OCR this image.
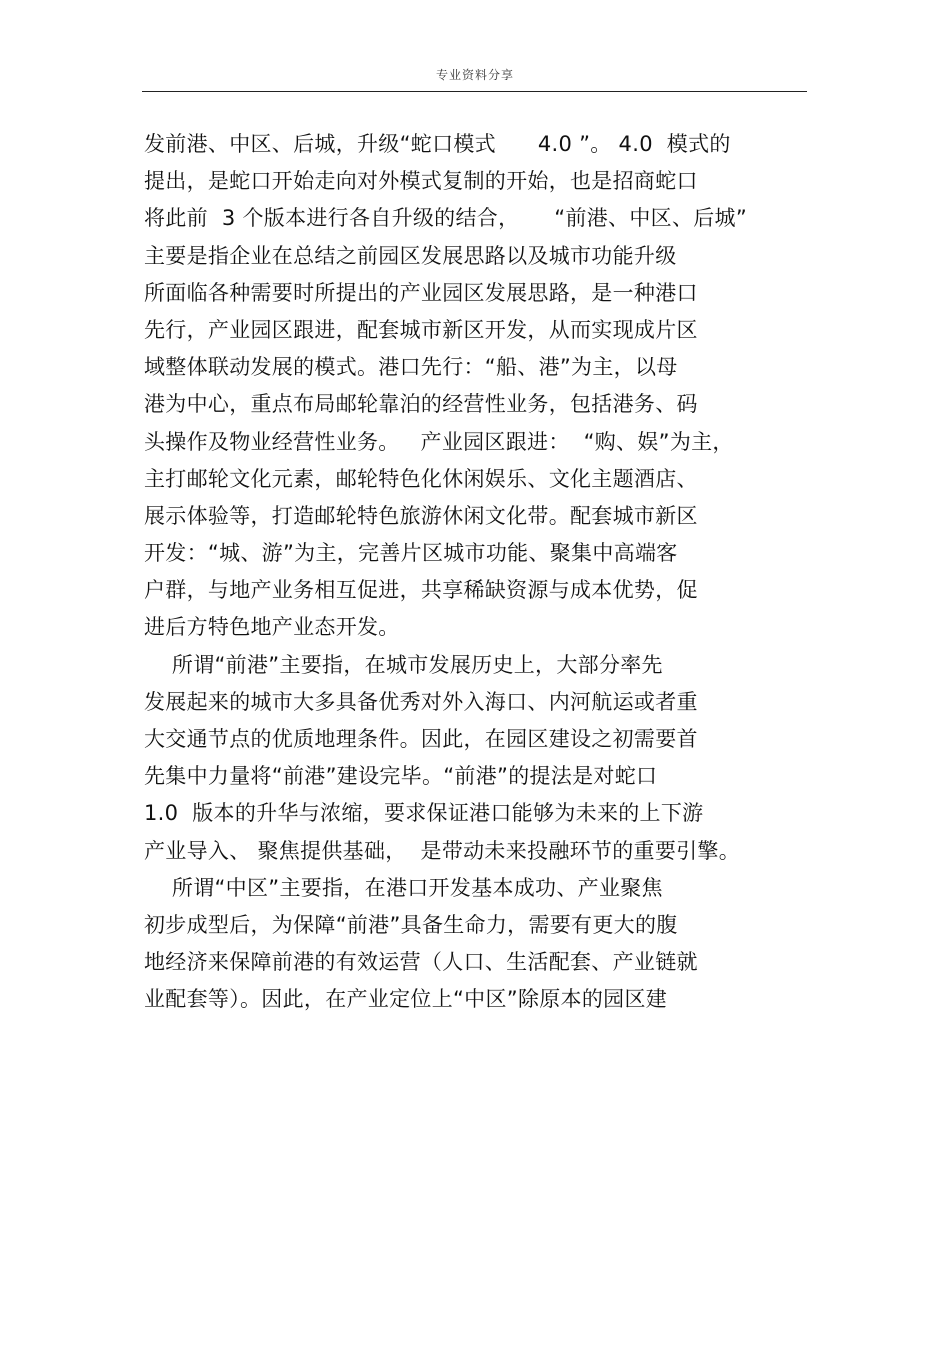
专业资料分享
发前港、中区、后城，升级“蛇口模式      4.0 ”。 4.0  模式的
提出，是蛇口开始走向对外模式复制的开始，也是招商蛇口
将此前  3 个版本进行各自升级的结合，     “前港、中区、后城”
主要是指企业在总结之前园区发展思路以及城市功能升级
所面临各种需要时所提出的产业园区发展思路，是一种港口
先行，产业园区跟进，配套城市新区开发，从而实现成片区
域整体联动发展的模式。港口先行：“船、港”为主，以母
港为中心，重点布局邮轮靠泊的经营性业务，包括港务、码
头操作及物业经营性业务。   产业园区跟进：  “购、娱”为主，
主打邮轮文化元素，邮轮特色化休闲娱乐、文化主题酒店、
展示体验等，打造邮轮特色旅游休闲文化带。配套城市新区
开发：“城、游”为主，完善片区城市功能、聚集中高端客
户群，与地产业务相互促进，共享稀缺资源与成本优势，促
进后方特色地产业态开发。
所谓“前港”主要指，在城市发展历史上，大部分率先
发展起来的城市大多具备优秀对外入海口、内河航运或者重
大交通节点的优质地理条件。因此，在园区建设之初需要首
先集中力量将“前港”建设完毕。“前港”的提法是对蛇口
1.0  版本的升华与浓缩，要求保证港口能够为未来的上下游
产业导入、 聚焦提供基础，  是带动未来投融环节的重要引擎。
所谓“中区”主要指，在港口开发基本成功、产业聚焦
初步成型后，为保障“前港”具备生命力，需要有更大的腹
地经济来保障前港的有效运营（人口、生活配套、产业链就
业配套等）。因此，在产业定位上“中区”除原本的园区建
